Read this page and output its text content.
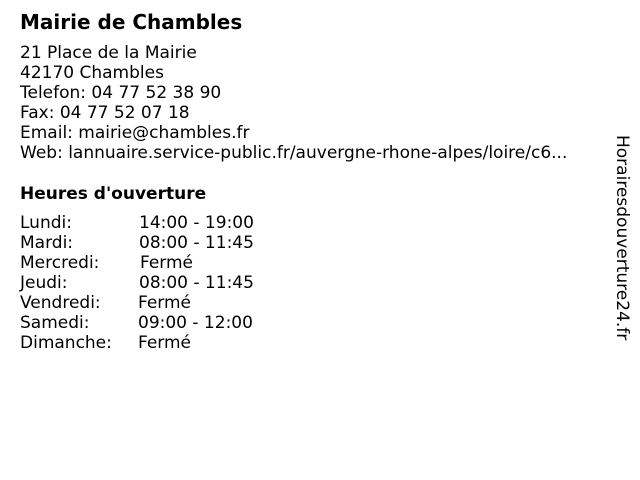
Mairie de Chambles
21 Place de la Mairie
42170 Chambles
Telefon: 04 77 52 38 90
Fax: 04 77 52 07 18
Email: mairie@chambles.fr
Web: lannuaire.service-public.fr/auvergne-rhone-alpes/loire/c6...
Heures d'ouverture
Lundi:	14:00 - 19:00
Mardi:	08:00 - 11:45
Mercredi: Fermé
Jeudi:	08:00 - 11:45
Vendredi: Fermé
Samedi:	09:00 - 12:00
Dimanche: Fermé
Horairesdouverture24.fr
